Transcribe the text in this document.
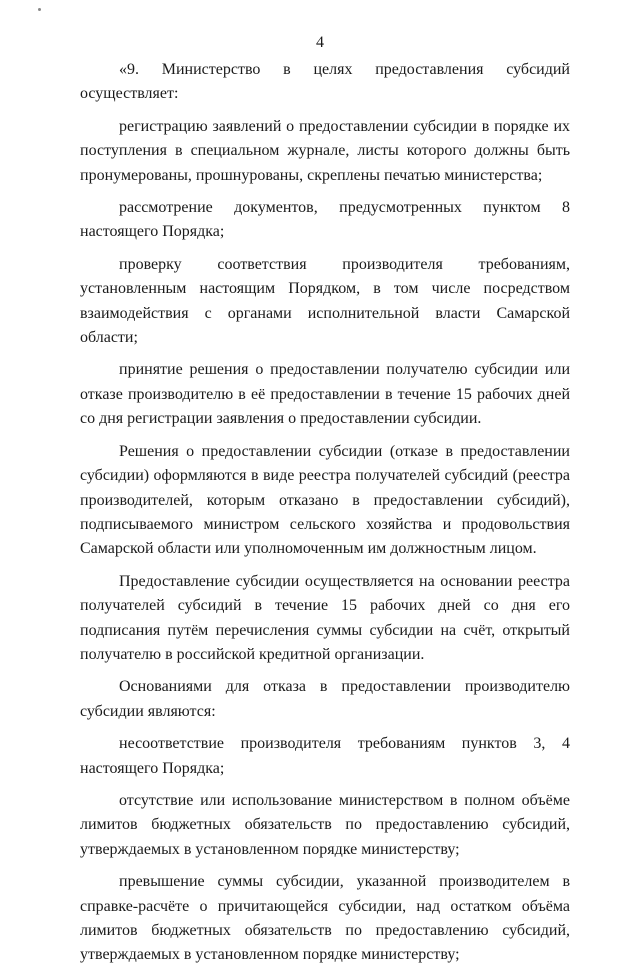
4

«9. Министерство в целях предоставления субсидий осуществляет:

регистрацию заявлений о предоставлении субсидии в порядке их поступления в специальном журнале, листы которого должны быть пронумерованы, прошнурованы, скреплены печатью министерства;

рассмотрение документов, предусмотренных пунктом 8 настоящего Порядка;

проверку соответствия производителя требованиям, установленным настоящим Порядком, в том числе посредством взаимодействия с органами исполнительной власти Самарской области;

принятие решения о предоставлении получателю субсидии или отказе производителю в её предоставлении в течение 15 рабочих дней со дня регистрации заявления о предоставлении субсидии.

Решения о предоставлении субсидии (отказе в предоставлении субсидии) оформляются в виде реестра получателей субсидий (реестра производителей, которым отказано в предоставлении субсидий), подписываемого министром сельского хозяйства и продовольствия Самарской области или уполномоченным им должностным лицом.

Предоставление субсидии осуществляется на основании реестра получателей субсидий в течение 15 рабочих дней со дня его подписания путём перечисления суммы субсидии на счёт, открытый получателю в российской кредитной организации.

Основаниями для отказа в предоставлении производителю субсидии являются:

несоответствие производителя требованиям пунктов 3, 4 настоящего Порядка;

отсутствие или использование министерством в полном объёме лимитов бюджетных обязательств по предоставлению субсидий, утверждаемых в установленном порядке министерству;

превышение суммы субсидии, указанной производителем в справке-расчёте о причитающейся субсидии, над остатком объёма лимитов бюджетных обязательств по предоставлению субсидий, утверждаемых в установленном порядке министерству;
